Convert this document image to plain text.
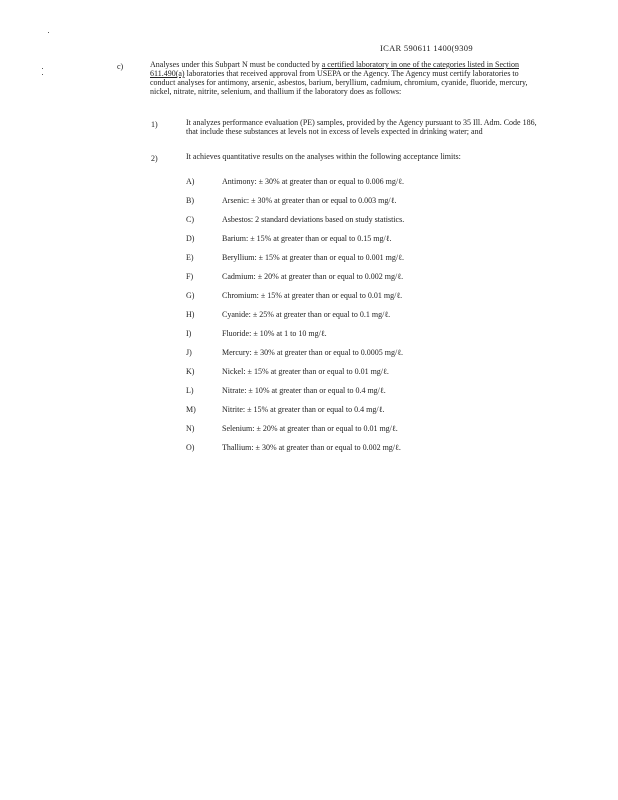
ICAR 590611 1400(9309
c)	Analyses under this Subpart N must be conducted by a certified laboratory in one of the categories listed in Section 611.490(a) laboratories that received approval from USEPA or the Agency. The Agency must certify laboratories to conduct analyses for antimony, arsenic, asbestos, barium, beryllium, cadmium, chromium, cyanide, fluoride, mercury, nickel, nitrate, nitrite, selenium, and thallium if the laboratory does as follows:

1)	It analyzes performance evaluation (PE) samples, provided by the Agency pursuant to 35 Ill. Adm. Code 186, that include these substances at levels not in excess of levels expected in drinking water; and

2)	It achieves quantitative results on the analyses within the following acceptance limits:

A)	Antimony: ± 30% at greater than or equal to 0.006 mg/ℓ.
B)	Arsenic: ± 30% at greater than or equal to 0.003 mg/ℓ.
C)	Asbestos: 2 standard deviations based on study statistics.
D)	Barium: ± 15% at greater than or equal to 0.15 mg/ℓ.
E)	Beryllium: ± 15% at greater than or equal to 0.001 mg/ℓ.
F)	Cadmium: ± 20% at greater than or equal to 0.002 mg/ℓ.
G)	Chromium: ± 15% at greater than or equal to 0.01 mg/ℓ.
H)	Cyanide: ± 25% at greater than or equal to 0.1 mg/ℓ.
I)	Fluoride: ± 10% at 1 to 10 mg/ℓ.
J)	Mercury: ± 30% at greater than or equal to 0.0005 mg/ℓ.
K)	Nickel: ± 15% at greater than or equal to 0.01 mg/ℓ.
L)	Nitrate: ± 10% at greater than or equal to 0.4 mg/ℓ.
M)	Nitrite: ± 15% at greater than or equal to 0.4 mg/ℓ.
N)	Selenium: ± 20% at greater than or equal to 0.01 mg/ℓ.
O)	Thallium: ± 30% at greater than or equal to 0.002 mg/ℓ.
